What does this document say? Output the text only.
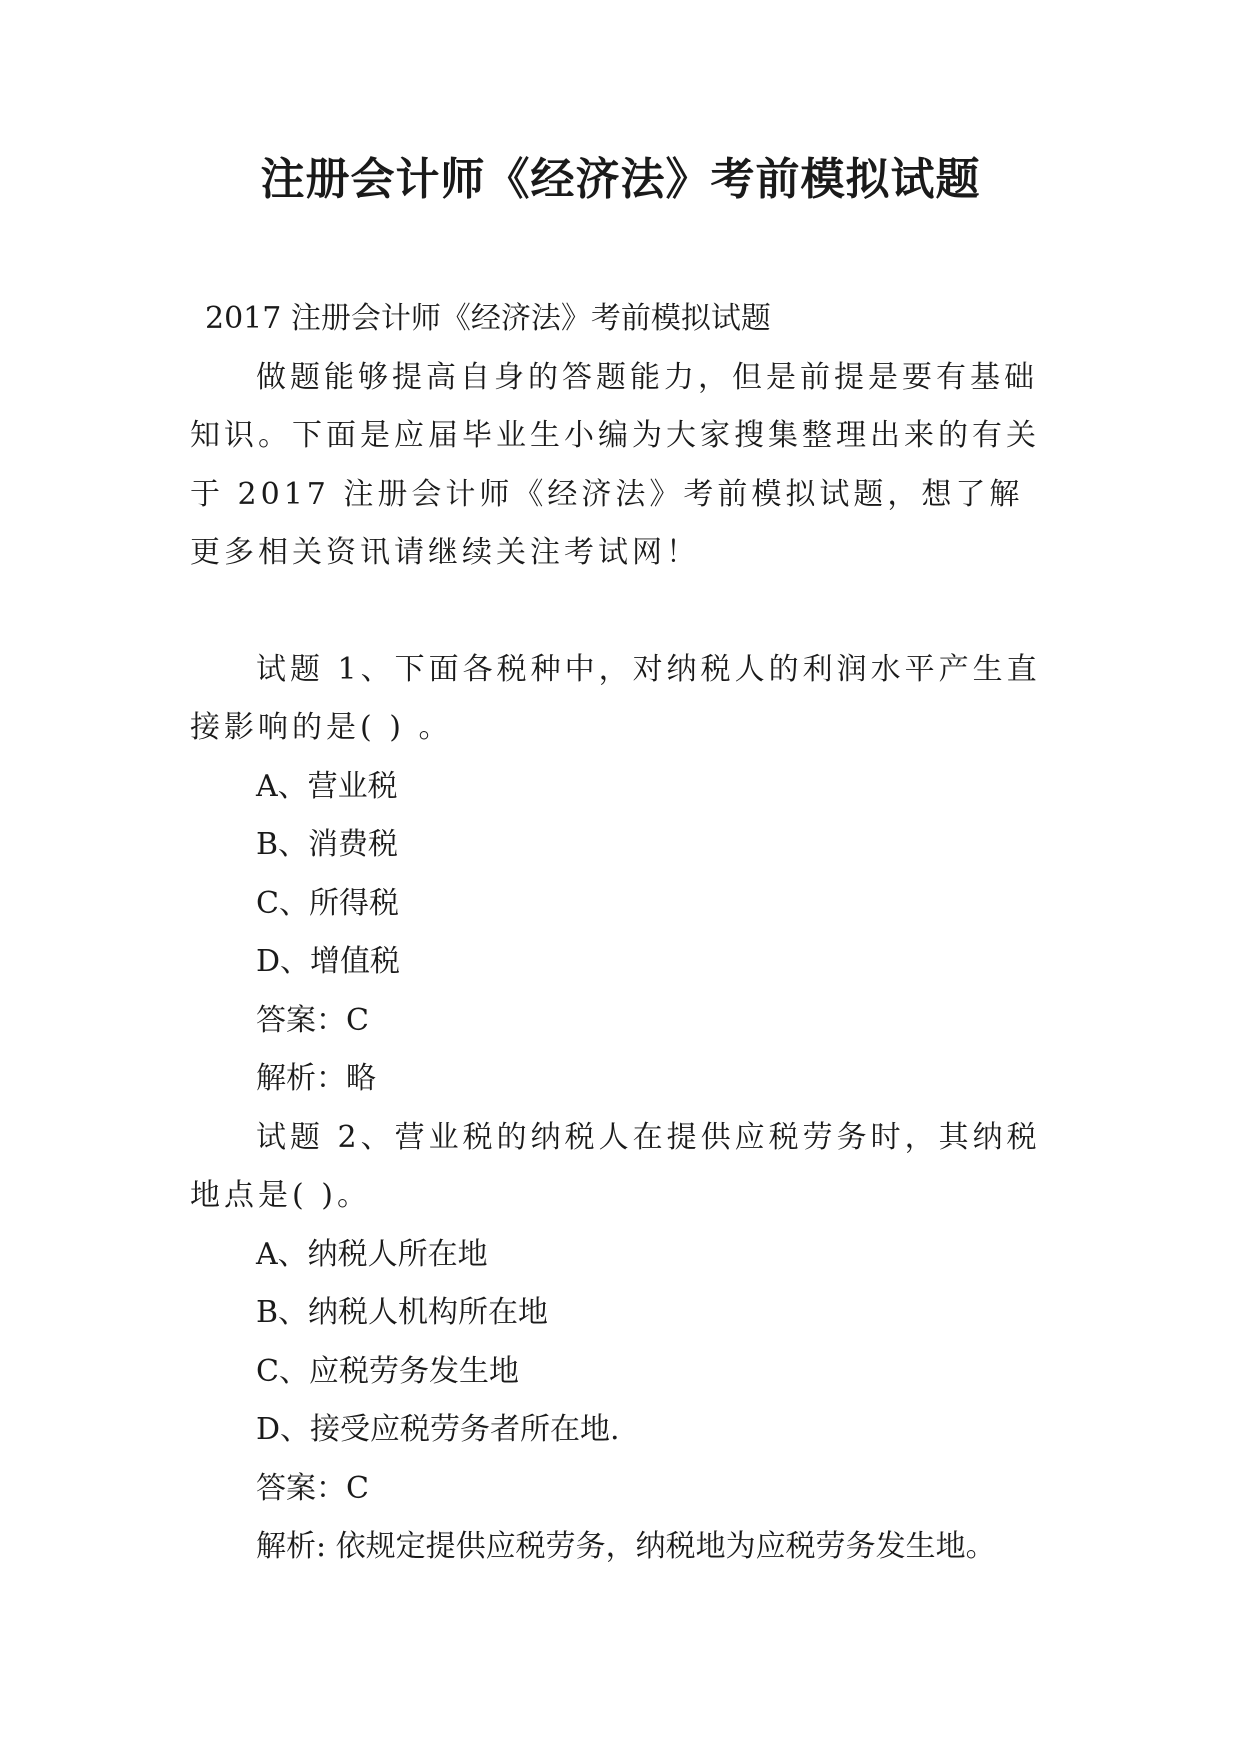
注册会计师《经济法》考前模拟试题

2017 注册会计师《经济法》考前模拟试题

做题能够提高自身的答题能力，但是前提是要有基础知识。下面是应届毕业生小编为大家搜集整理出来的有关于 2017 注册会计师《经济法》考前模拟试题，想了解更多相关资讯请继续关注考试网！

试题 1、下面各税种中，对纳税人的利润水平产生直接影响的是( ) 。

A、营业税

B、消费税

C、所得税

D、增值税

答案：C

解析：略

试题 2、营业税的纳税人在提供应税劳务时，其纳税地点是( )。

A、纳税人所在地

B、纳税人机构所在地

C、应税劳务发生地

D、接受应税劳务者所在地.

答案：C

解析: 依规定提供应税劳务，纳税地为应税劳务发生地。
